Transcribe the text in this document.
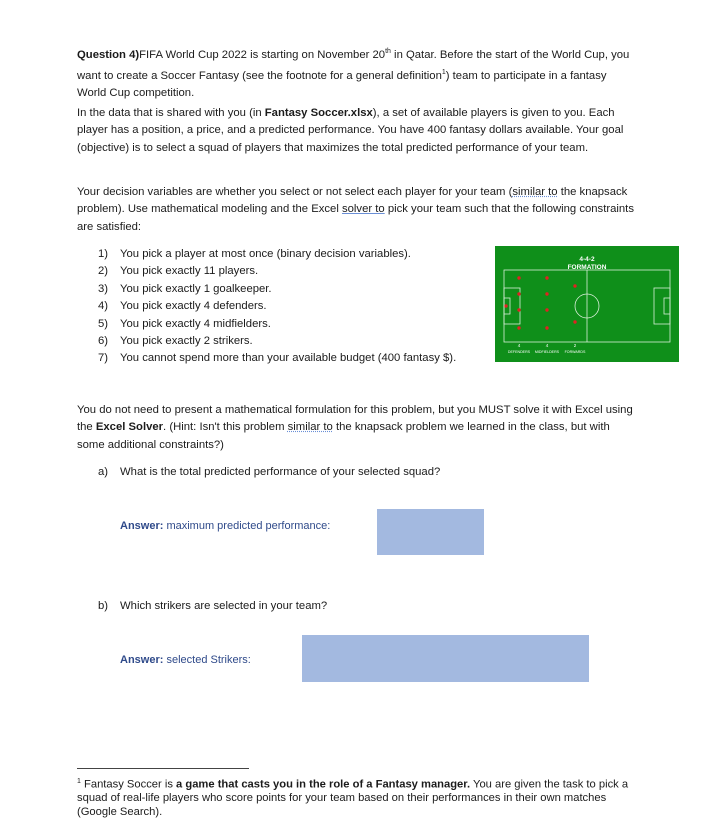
Question 4)FIFA World Cup 2022 is starting on November 20th in Qatar. Before the start of the World Cup, you want to create a Soccer Fantasy (see the footnote for a general definition$^1$) team to participate in a fantasy World Cup competition.

In the data that is shared with you (in Fantasy Soccer.xlsx), a set of available players is given to you. Each player has a position, a price, and a predicted performance. You have 400 fantasy dollars available. Your goal (objective) is to select a squad of players that maximizes the total predicted performance of your team.

Your decision variables are whether you select or not select each player for your team (similar to the knapsack problem). Use mathematical modeling and the Excel solver to pick your team such that the following constraints are satisfied:

1)	You pick a player at most once (binary decision variables).
2)	You pick exactly 11 players.
3)	You pick exactly 1 goalkeeper.
4)	You pick exactly 4 defenders.
5)	You pick exactly 4 midfielders.
6)	You pick exactly 2 strikers.
7)	You cannot spend more than your available budget (400 fantasy $).
4-4-2
FORMATION
4	4	2
DEFENDERS MIDFIELDERS FORWARDS

You do not need to present a mathematical formulation for this problem, but you MUST solve it with Excel using the Excel Solver. (Hint: Isn't this problem similar to the knapsack problem we learned in the class, but with some additional constraints?)

a) What is the total predicted performance of your selected squad?
Answer: maximum predicted performance:
b) Which strikers are selected in your team?
Answer: selected Strikers:
$^1$ Fantasy Soccer is a game that casts you in the role of a Fantasy manager. You are given the task to pick a squad of real-life players who score points for your team based on their performances in their own matches (Google Search).
